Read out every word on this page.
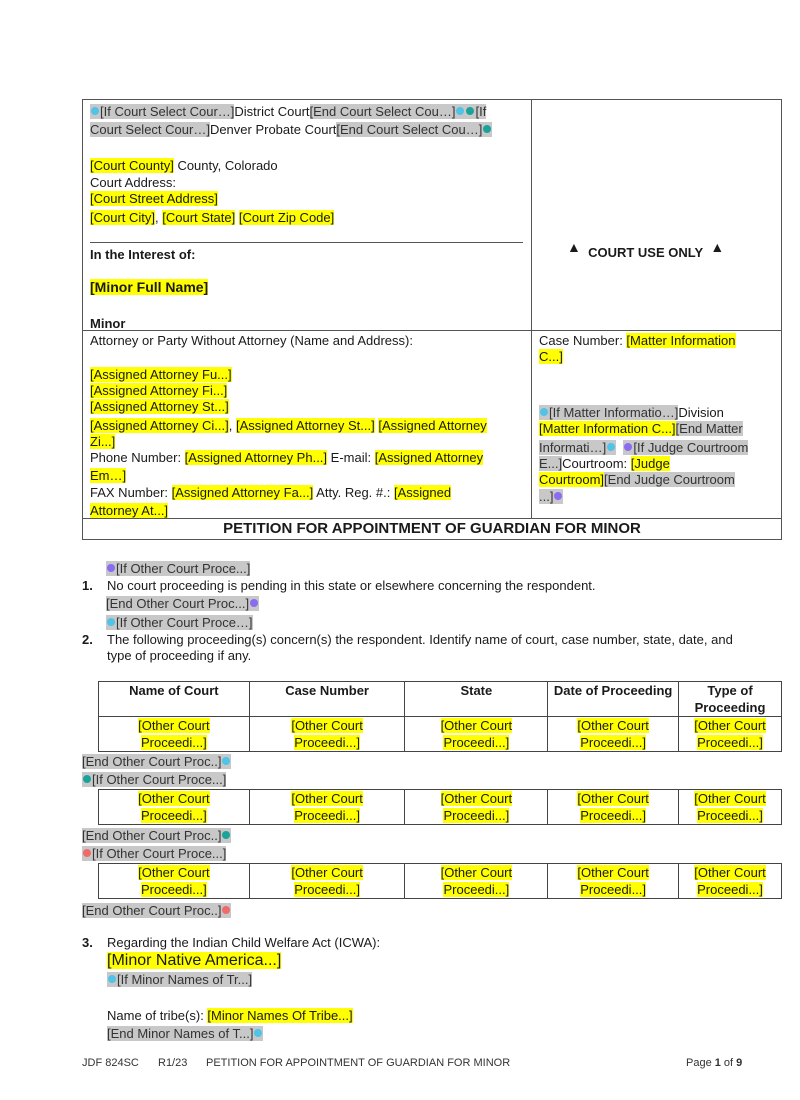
[If Court Select Cour…]District Court[End Court Select Cou…] [If
Court Select Cour…]Denver Probate Court[End Court Select Cou…]
[Court County] County, Colorado
Court Address:
[Court Street Address]
[Court City], [Court State] [Court Zip Code]
In the Interest of:
[Minor Full Name]
Minor
▲ COURT USE ONLY ▲
Attorney or Party Without Attorney (Name and Address):
[Assigned Attorney Fu...]
[Assigned Attorney Fi...]
[Assigned Attorney St...]
[Assigned Attorney Ci...], [Assigned Attorney St...] [Assigned Attorney
Zi...]
Phone Number: [Assigned Attorney Ph...] E-mail: [Assigned Attorney
Em…]
FAX Number: [Assigned Attorney Fa...] Atty. Reg. #.: [Assigned
Attorney At...]
Case Number: [Matter Information
C...]
[If Matter Informatio…]Division
[Matter Information C...][End Matter
Informati…] [If Judge Courtroom
E...]Courtroom: [Judge
Courtroom][End Judge Courtroom
...]
PETITION FOR APPOINTMENT OF GUARDIAN FOR MINOR
[If Other Court Proce...]
1. No court proceeding is pending in this state or elsewhere concerning the respondent.
[End Other Court Proc...]
[If Other Court Proce…]
2. The following proceeding(s) concern(s) the respondent. Identify name of court, case number, state, date, and
type of proceeding if any.
Name of Court	Case Number	State	Date of Proceeding	Type of Proceeding
[Other Court
Proceedi...]	[Other Court
Proceedi...]	[Other Court
Proceedi...]	[Other Court
Proceedi...]	[Other Court
Proceedi...]
[End Other Court Proc..]
[If Other Court Proce...]
[Other Court
Proceedi...]	[Other Court
Proceedi...]	[Other Court
Proceedi...]	[Other Court
Proceedi...]	[Other Court
Proceedi...]
[End Other Court Proc..]
[If Other Court Proce...]
[Other Court
Proceedi...]	[Other Court
Proceedi...]	[Other Court
Proceedi...]	[Other Court
Proceedi...]	[Other Court
Proceedi...]
[End Other Court Proc..]
3. Regarding the Indian Child Welfare Act (ICWA):
[Minor Native America...]
[If Minor Names of Tr...]
Name of tribe(s): [Minor Names Of Tribe...]
[End Minor Names of T...]
JDF 824SC R1/23 PETITION FOR APPOINTMENT OF GUARDIAN FOR MINOR	Page 1 of 9
